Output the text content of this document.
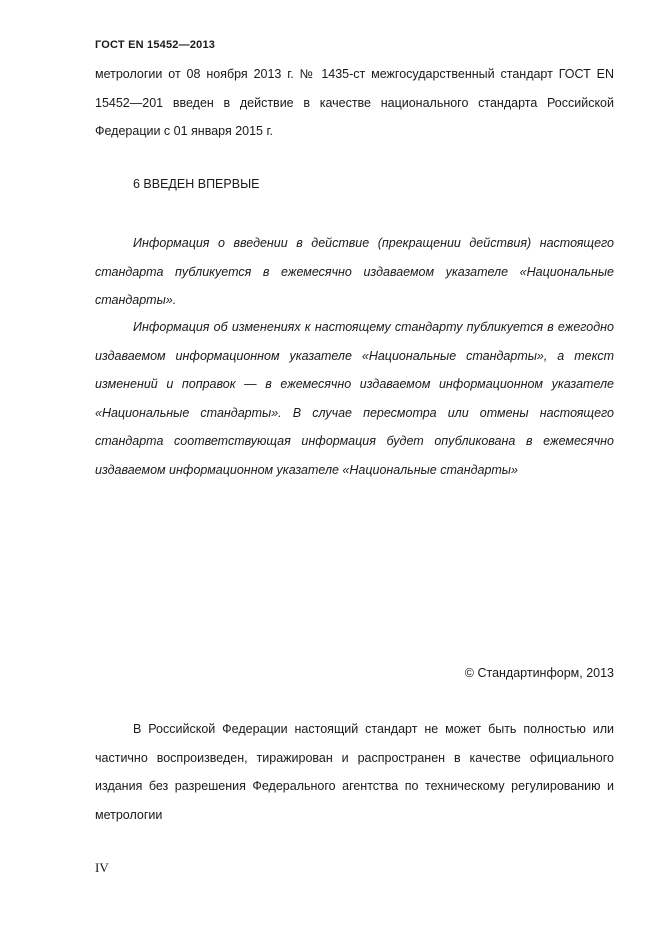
ГОСТ EN 15452—2013

метрологии от 08 ноября 2013 г. № 1435-ст межгосударственный стандарт ГОСТ EN 15452—201 введен в действие в качестве национального стандарта Российской Федерации с 01 января 2015 г.

6 ВВЕДЕН ВПЕРВЫЕ

Информация о введении в действие (прекращении действия) настоящего стандарта публикуется в ежемесячно издаваемом указателе «Национальные стандарты».

Информация об изменениях к настоящему стандарту публикуется в ежегодно издаваемом информационном указателе «Национальные стандарты», а текст изменений и поправок — в ежемесячно издаваемом информационном указателе «Национальные стандарты». В случае пересмотра или отмены настоящего стандарта соответствующая информация будет опубликована в ежемесячно издаваемом информационном указателе «Национальные стандарты»

© Стандартинформ, 2013

В Российской Федерации настоящий стандарт не может быть полностью или частично воспроизведен, тиражирован и распространен в качестве официального издания без разрешения Федерального агентства по техническому регулированию и метрологии

IV
